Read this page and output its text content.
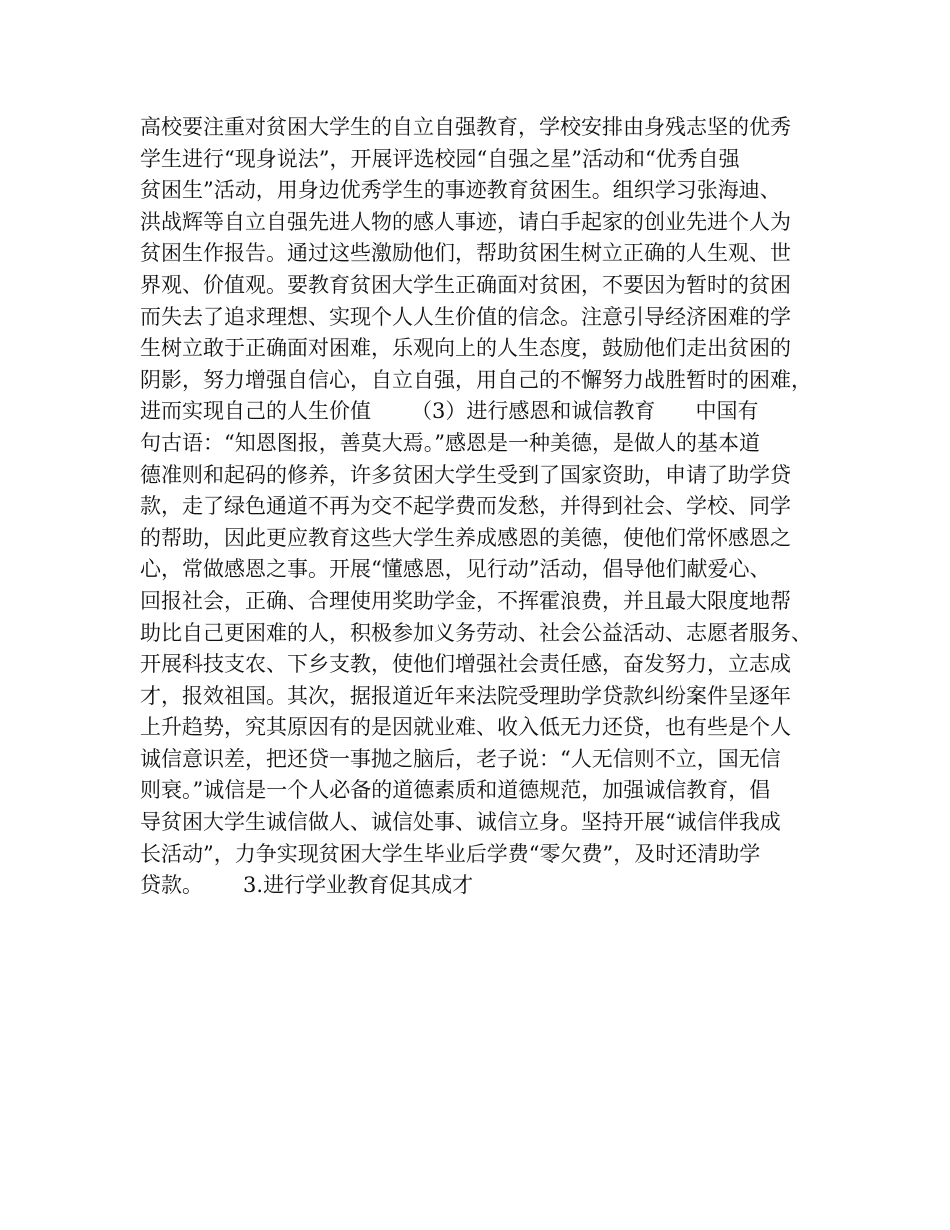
高校要注重对贫困大学生的自立自强教育，学校安排由身残志坚的优秀
学生进行“现身说法”，开展评选校园“自强之星”活动和“优秀自强
贫困生”活动，用身边优秀学生的事迹教育贫困生。组织学习张海迪、
洪战辉等自立自强先进人物的感人事迹，请白手起家的创业先进个人为
贫困生作报告。通过这些激励他们，帮助贫困生树立正确的人生观、世
界观、价值观。要教育贫困大学生正确面对贫困，不要因为暂时的贫困
而失去了追求理想、实现个人人生价值的信念。注意引导经济困难的学
生树立敢于正确面对困难，乐观向上的人生态度，鼓励他们走出贫困的
阴影，努力增强自信心，自立自强，用自己的不懈努力战胜暂时的困难，
进而实现自己的人生价值      （3）进行感恩和诚信教育      中国有
句古语：“知恩图报，善莫大焉。”感恩是一种美德，是做人的基本道
德准则和起码的修养，许多贫困大学生受到了国家资助，申请了助学贷
款，走了绿色通道不再为交不起学费而发愁，并得到社会、学校、同学
的帮助，因此更应教育这些大学生养成感恩的美德，使他们常怀感恩之
心，常做感恩之事。开展“懂感恩，见行动”活动，倡导他们献爱心、
回报社会，正确、合理使用奖助学金，不挥霍浪费，并且最大限度地帮
助比自己更困难的人，积极参加义务劳动、社会公益活动、志愿者服务、
开展科技支农、下乡支教，使他们增强社会责任感，奋发努力，立志成
才，报效祖国。其次，据报道近年来法院受理助学贷款纠纷案件呈逐年
上升趋势，究其原因有的是因就业难、收入低无力还贷，也有些是个人
诚信意识差，把还贷一事抛之脑后，老子说：“人无信则不立，国无信
则衰。”诚信是一个人必备的道德素质和道德规范，加强诚信教育，倡
导贫困大学生诚信做人、诚信处事、诚信立身。坚持开展“诚信伴我成
长活动”，力争实现贫困大学生毕业后学费“零欠费”，及时还清助学
贷款。      3.进行学业教育促其成才
